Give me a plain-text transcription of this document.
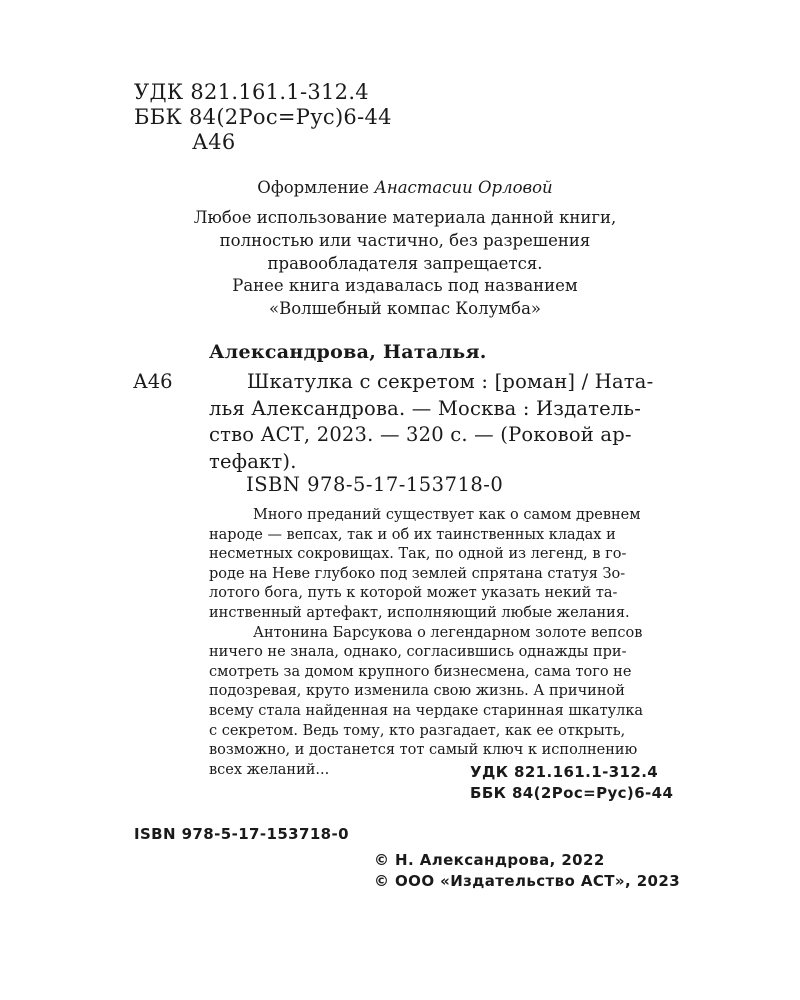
УДК 821.161.1-312.4
ББК 84(2Рос=Рус)6-44
А46
Оформление Анастасии Орловой
Любое использование материала данной книги,
полностью или частично, без разрешения
правообладателя запрещается.
Ранее книга издавалась под названием
«Волшебный компас Колумба»
Александрова, Наталья.
А46	Шкатулка с секретом : [роман] / Ната-
лья Александрова. — Москва : Издатель-
ство АСТ, 2023. — 320 с. — (Роковой ар-
тефакт).
ISBN 978-5-17-153718-0
Много преданий существует как о самом древнем
народе — вепсах, так и об их таинственных кладах и
несметных сокровищах. Так, по одной из легенд, в го-
роде на Неве глубоко под землей спрятана статуя Зо-
лотого бога, путь к которой может указать некий та-
инственный артефакт, исполняющий любые желания.
Антонина Барсукова о легендарном золоте вепсов
ничего не знала, однако, согласившись однажды при-
смотреть за домом крупного бизнесмена, сама того не
подозревая, круто изменила свою жизнь. А причиной
всему стала найденная на чердаке старинная шкатулка
с секретом. Ведь тому, кто разгадает, как ее открыть,
возможно, и достанется тот самый ключ к исполнению
всех желаний...	УДК 821.161.1-312.4
ББК 84(2Рос=Рус)6-44
ISBN 978-5-17-153718-0
© Н. Александрова, 2022
© ООО «Издательство АСТ», 2023
